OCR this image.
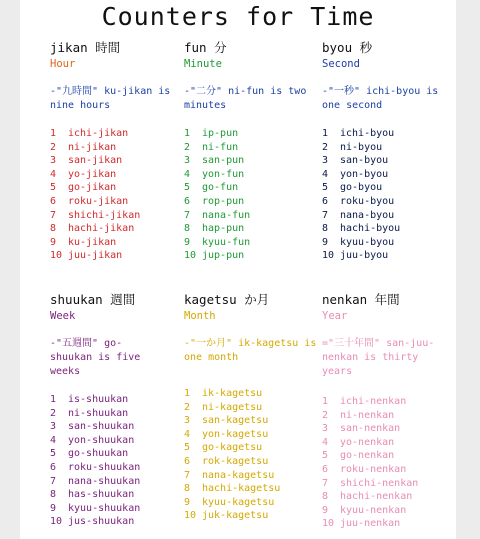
Counters for Time
jikan 時間
Hour
-"九時間" ku-jikan is nine hours
1 ichi-jikan
2 ni-jikan
3 san-jikan
4 yo-jikan
5 go-jikan
6 roku-jikan
7 shichi-jikan
8 hachi-jikan
9 ku-jikan
10 juu-jikan
fun 分
Minute
-"二分" ni-fun is two minutes
1 ip-pun
2 ni-fun
3 san-pun
4 yon-fun
5 go-fun
6 rop-pun
7 nana-fun
8 hap-pun
9 kyuu-fun
10 jup-pun
byou 秒
Second
-"一秒" ichi-byou is one second
1 ichi-byou
2 ni-byou
3 san-byou
4 yon-byou
5 go-byou
6 roku-byou
7 nana-byou
8 hachi-byou
9 kyuu-byou
10 juu-byou
shuukan 週間
Week
-"五週間" go-shuukan is five weeks
1 is-shuukan
2 ni-shuukan
3 san-shuukan
4 yon-shuukan
5 go-shuukan
6 roku-shuukan
7 nana-shuukan
8 has-shuukan
9 kyuu-shuukan
10 jus-shuukan
kagetsu か月
Month
-"一か月" ik-kagetsu is one month
1 ik-kagetsu
2 ni-kagetsu
3 san-kagetsu
4 yon-kagetsu
5 go-kagetsu
6 rok-kagetsu
7 nana-kagetsu
8 hachi-kagetsu
9 kyuu-kagetsu
10 juk-kagetsu
nenkan 年間
Year
="三十年間" san-juu-nenkan is thirty years
1 ichi-nenkan
2 ni-nenkan
3 san-nenkan
4 yo-nenkan
5 go-nenkan
6 roku-nenkan
7 shichi-nenkan
8 hachi-nenkan
9 kyuu-nenkan
10 juu-nenkan
